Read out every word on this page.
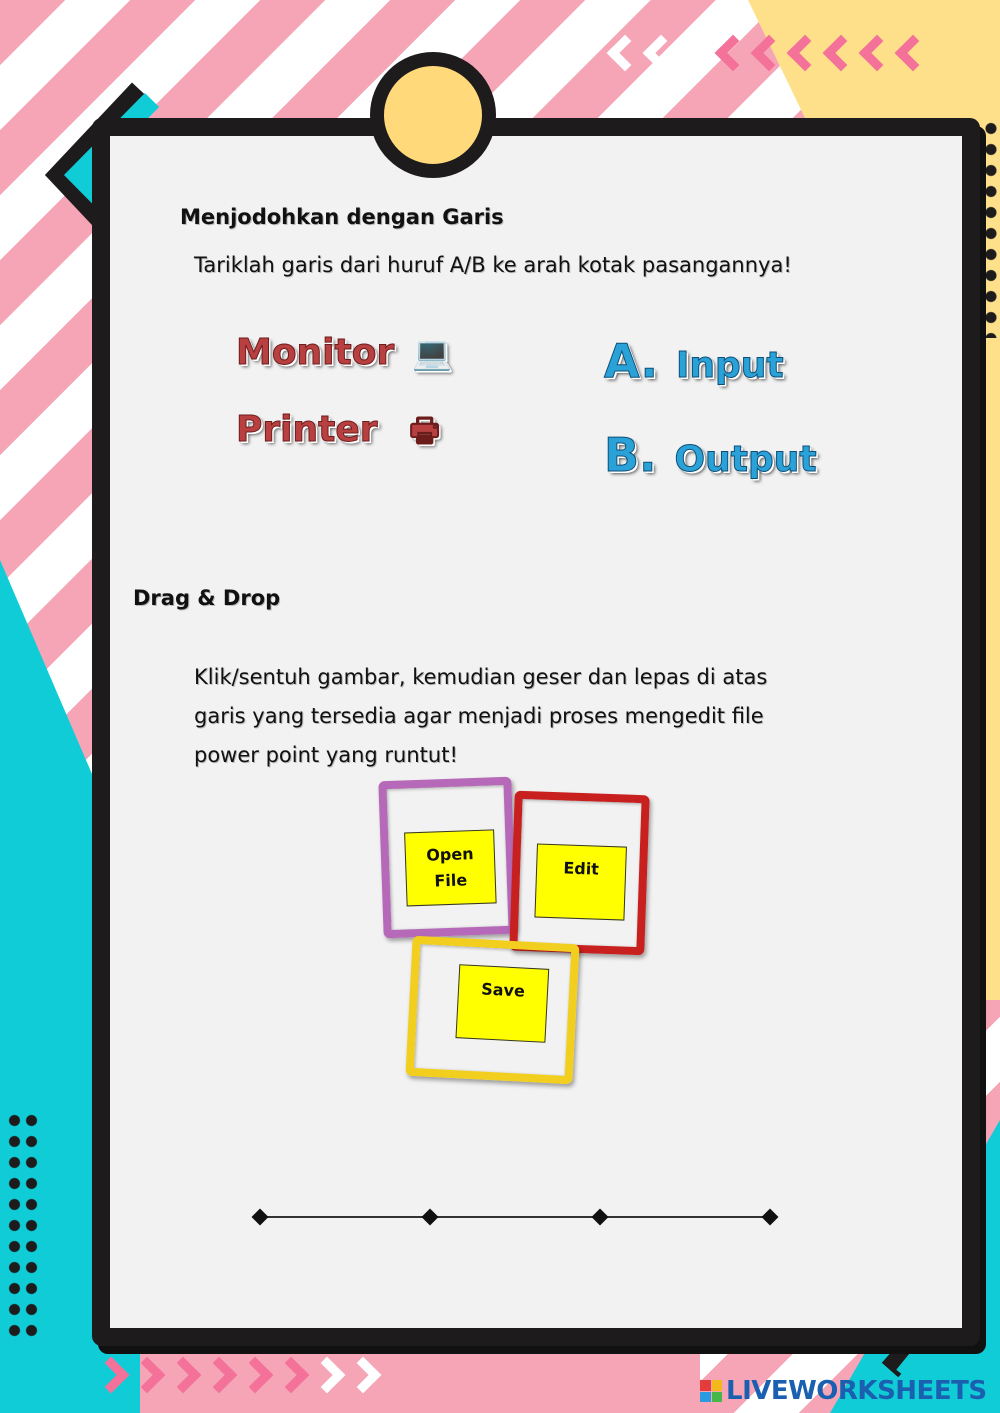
Menjodohkan dengan Garis
Tariklah garis dari huruf A/B ke arah kotak pasangannya!
Monitor 💻
Printer 🖶
A. Input
B. Output
Drag & Drop
Klik/sentuh gambar, kemudian geser dan lepas di atas
garis yang tersedia agar menjadi proses mengedit file
power point yang runtut!
Open
File
Edit
Save
LIVEWORKSHEETS
